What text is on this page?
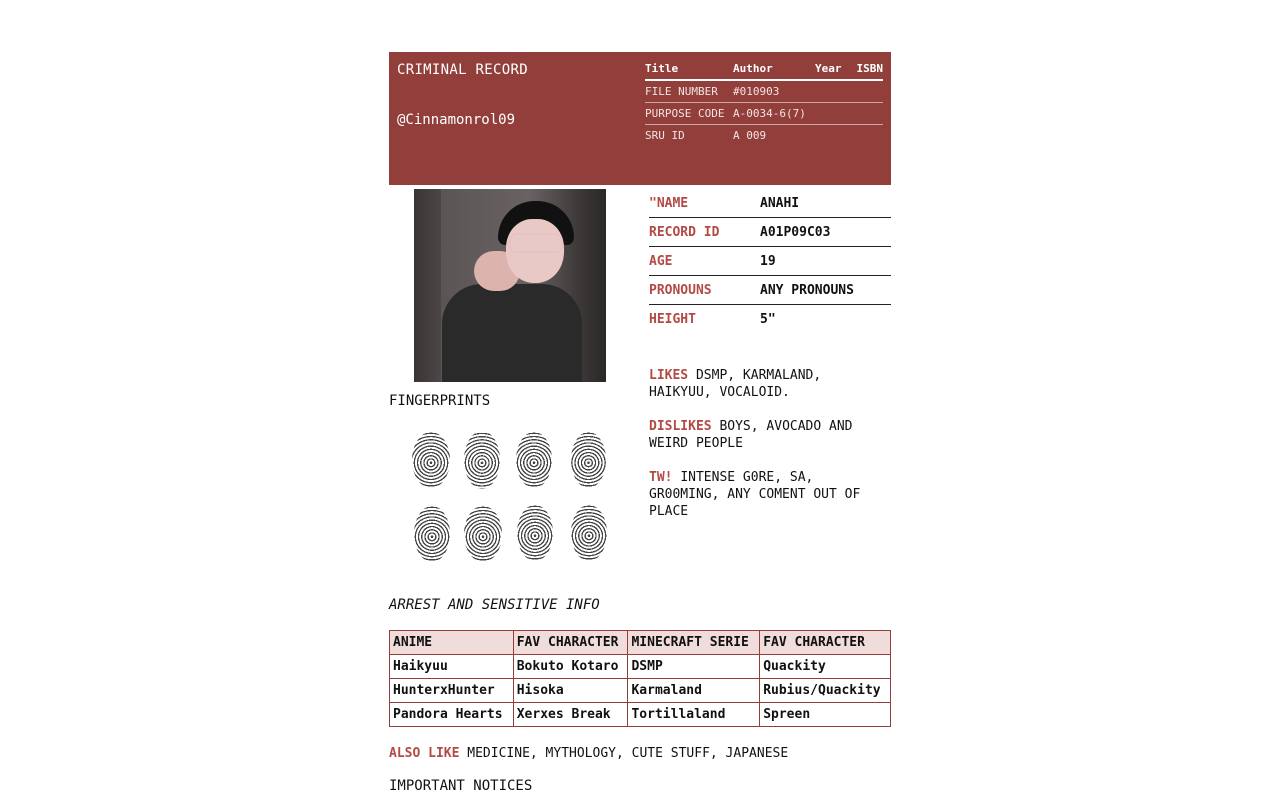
CRIMINAL RECORD
@Cinnamonrol09
Title	Author	Year	ISBN
FILE NUMBER	#010903
PURPOSE CODE A-0034-6(7)
SRU ID	A 009
FINGERPRINTS
"NAME	ANAHI
RECORD ID	A01P09C03
AGE	19
PRONOUNS	ANY PRONOUNS
HEIGHT	5"

LIKES DSMP, KARMALAND, HAIKYUU, VOCALOID.

DISLIKES BOYS, AVOCADO AND WEIRD PEOPLE

TW! INTENSE G0RE, SA, GR00MING, ANY COMENT OUT OF PLACE

ARREST AND SENSITIVE INFO
ANIME	FAV CHARACTER	MINECRAFT SERIE	FAV CHARACTER
Haikyuu	Bokuto Kotaro	DSMP	Quackity
HunterxHunter	Hisoka	Karmaland	Rubius/Quackity
Pandora Hearts	Xerxes Break	Tortillaland	Spreen
ALSO LIKE MEDICINE, MYTHOLOGY, CUTE STUFF, JAPANESE
IMPORTANT NOTICES
